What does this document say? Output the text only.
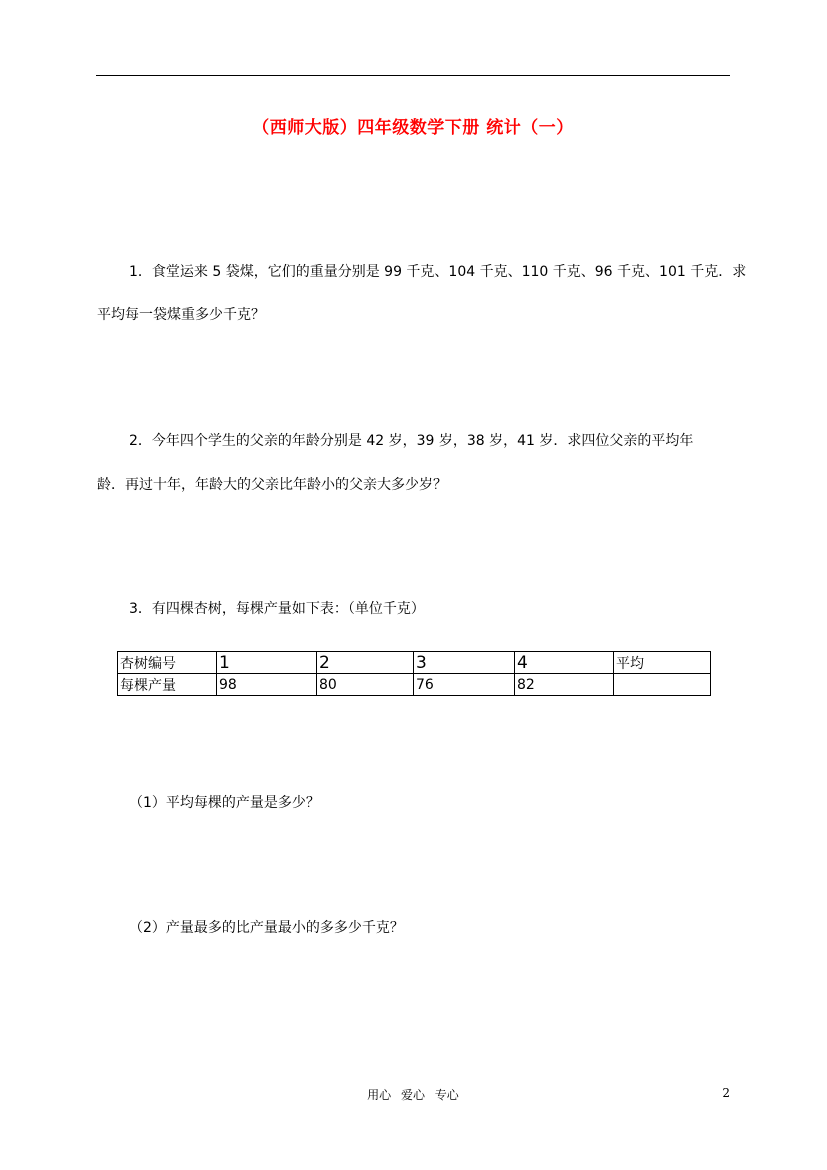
（西师大版）四年级数学下册 统计（一）

1．食堂运来 5 袋煤，它们的重量分别是 99 千克、104 千克、110 千克、96 千克、101 千克．求

平均每一袋煤重多少千克？

2．今年四个学生的父亲的年龄分别是 42 岁，39 岁，38 岁，41 岁．求四位父亲的平均年

龄．再过十年，年龄大的父亲比年龄小的父亲大多少岁？

3．有四棵杏树，每棵产量如下表：（单位千克）

杏树编号	1	2	3	4	平均
每棵产量	98	80	76	82	

（1）平均每棵的产量是多少？

（2）产量最多的比产量最小的多多少千克？

用心 爱心 专心	2
